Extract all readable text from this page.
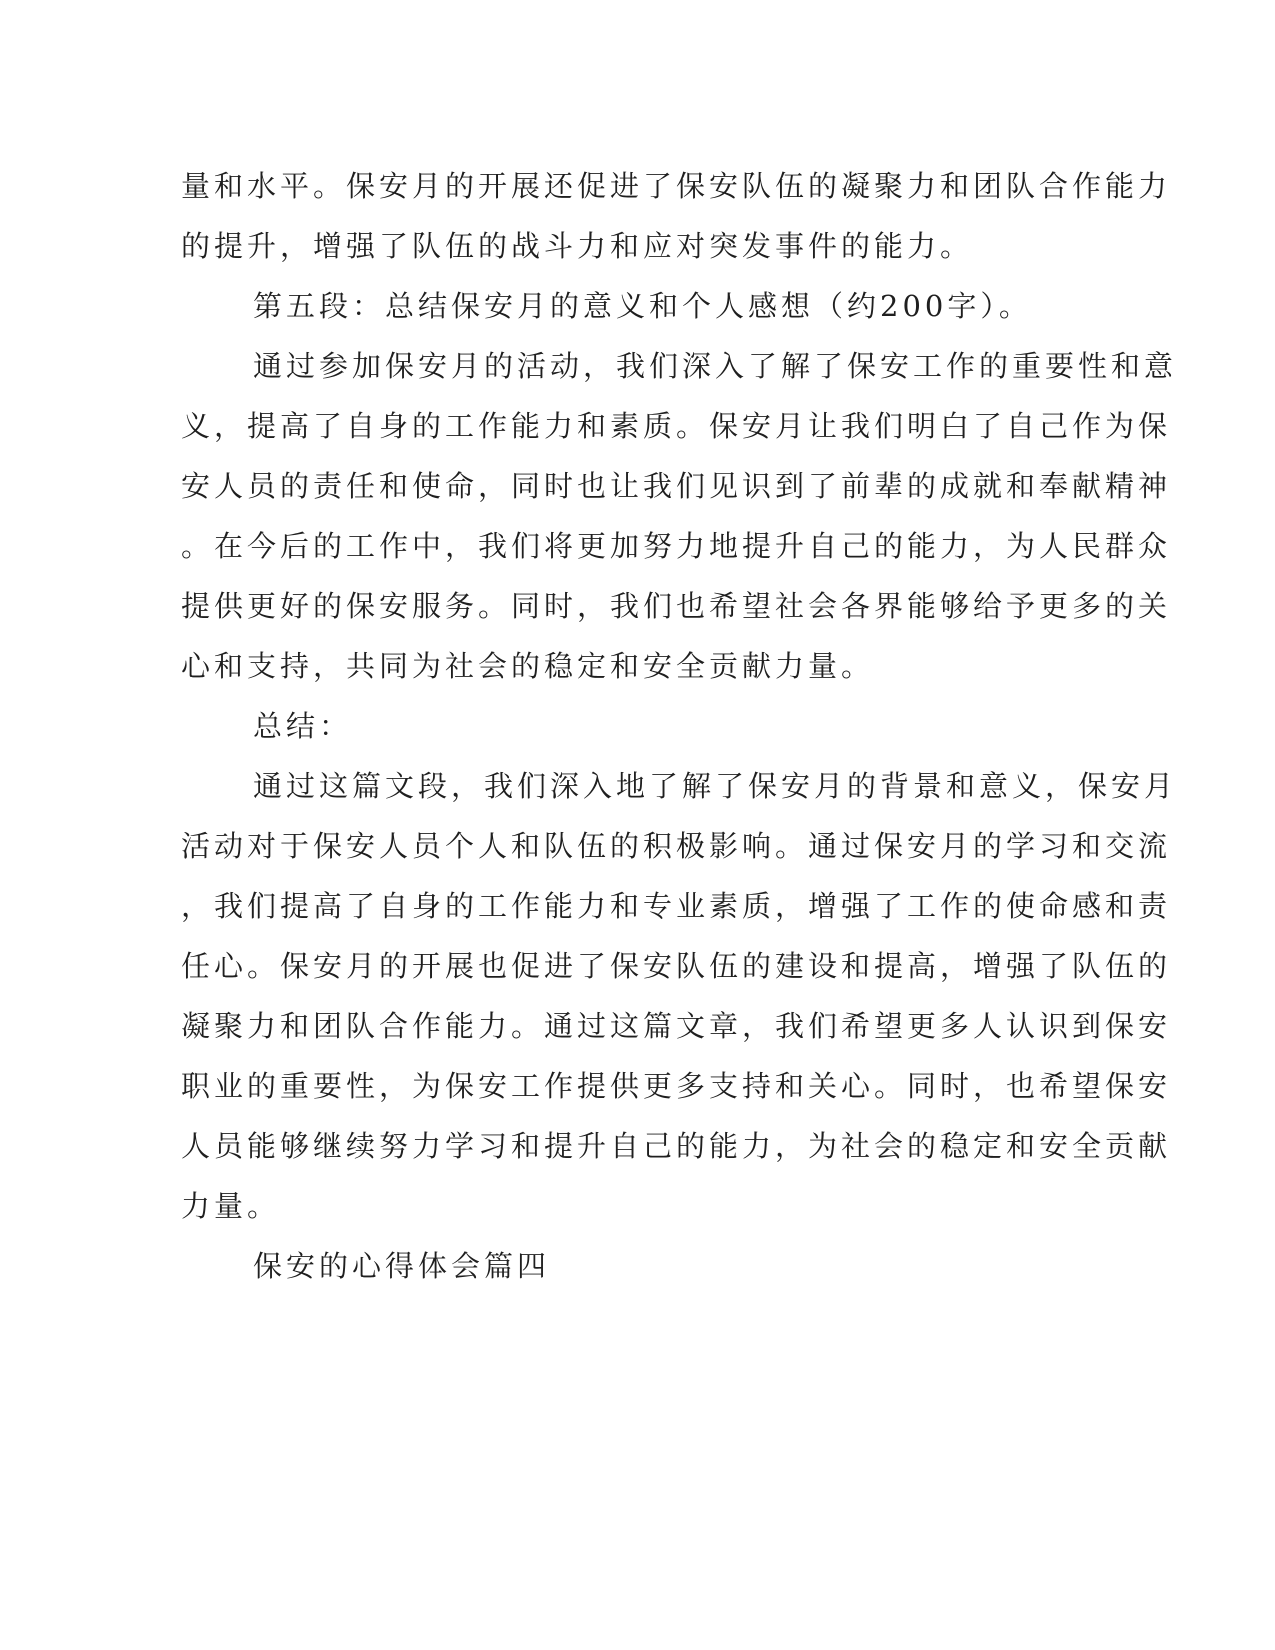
量和水平。保安月的开展还促进了保安队伍的凝聚力和团队合作能力
的提升，增强了队伍的战斗力和应对突发事件的能力。
第五段：总结保安月的意义和个人感想（约200字）。
通过参加保安月的活动，我们深入了解了保安工作的重要性和意
义，提高了自身的工作能力和素质。保安月让我们明白了自己作为保
安人员的责任和使命，同时也让我们见识到了前辈的成就和奉献精神
。在今后的工作中，我们将更加努力地提升自己的能力，为人民群众
提供更好的保安服务。同时，我们也希望社会各界能够给予更多的关
心和支持，共同为社会的稳定和安全贡献力量。
总结：
通过这篇文段，我们深入地了解了保安月的背景和意义，保安月
活动对于保安人员个人和队伍的积极影响。通过保安月的学习和交流
，我们提高了自身的工作能力和专业素质，增强了工作的使命感和责
任心。保安月的开展也促进了保安队伍的建设和提高，增强了队伍的
凝聚力和团队合作能力。通过这篇文章，我们希望更多人认识到保安
职业的重要性，为保安工作提供更多支持和关心。同时，也希望保安
人员能够继续努力学习和提升自己的能力，为社会的稳定和安全贡献
力量。
保安的心得体会篇四
